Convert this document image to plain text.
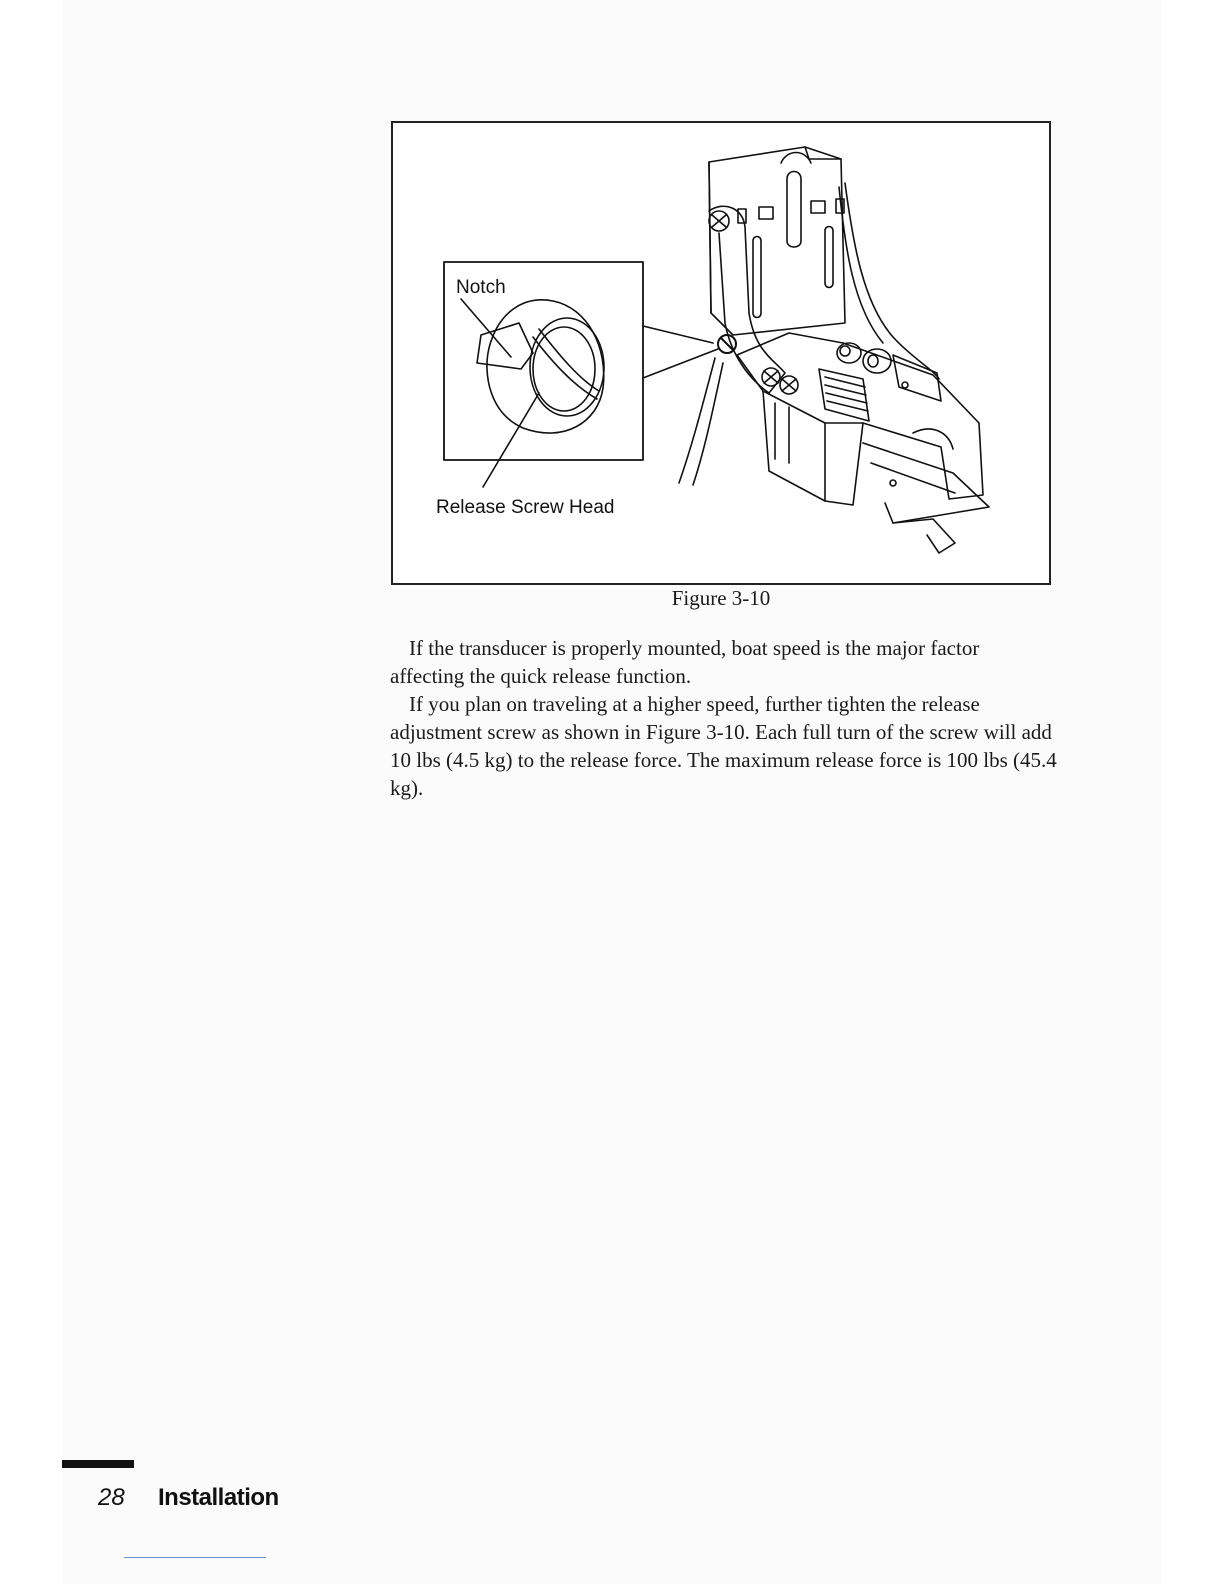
Notch
Release Screw Head
Figure 3-10

If the transducer is properly mounted, boat speed is the major factor affecting the quick release function.

If you plan on traveling at a higher speed, further tighten the release adjustment screw as shown in Figure 3-10. Each full turn of the screw will add 10 lbs (4.5 kg) to the release force. The maximum release force is 100 lbs (45.4 kg).

28 Installation
